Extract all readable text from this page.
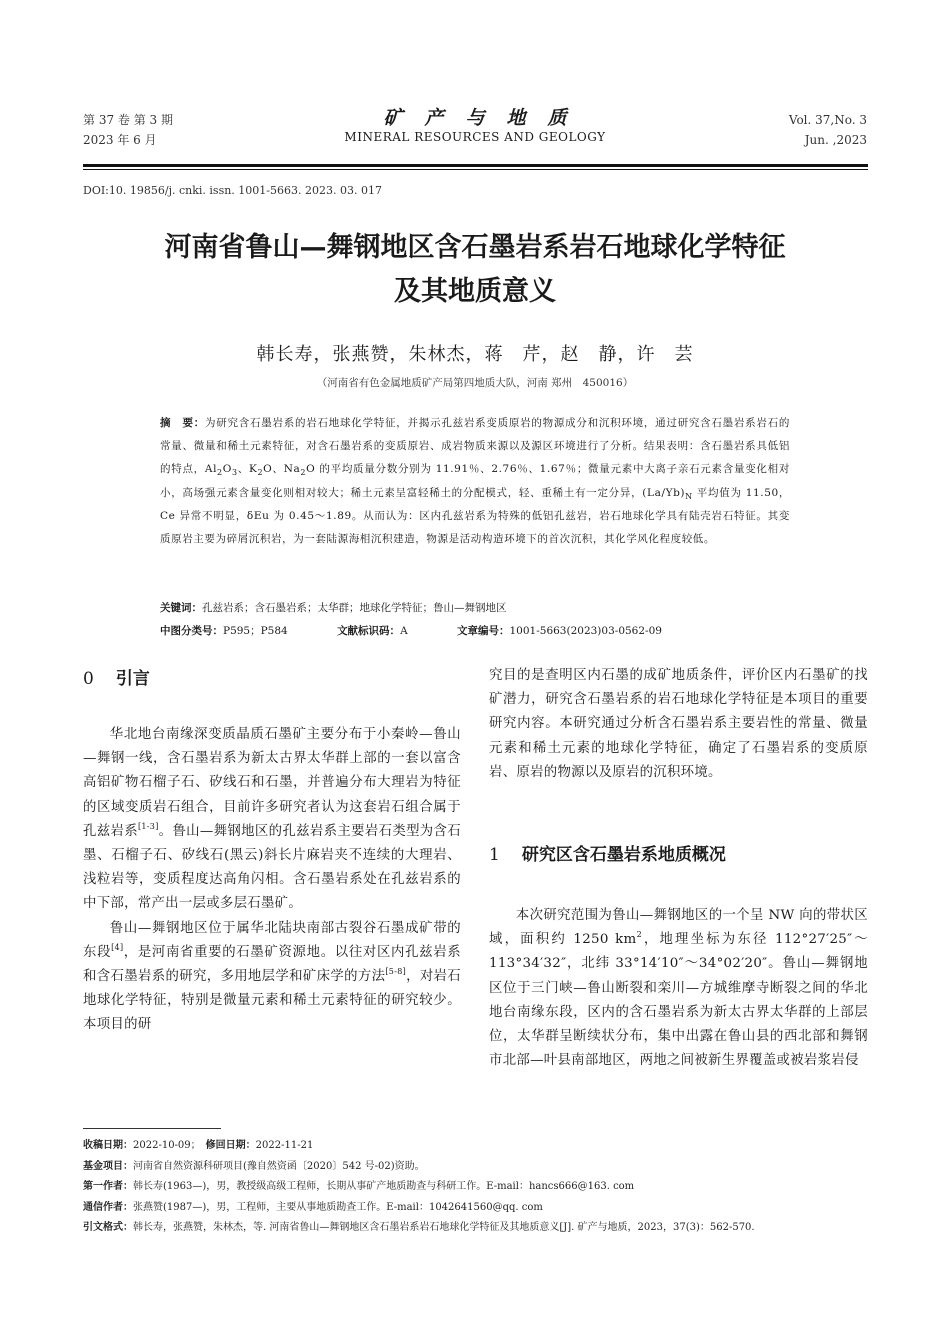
第 37 卷 第 3 期
2023 年 6 月
矿产与地质
MINERAL RESOURCES AND GEOLOGY
Vol. 37,No. 3
Jun. ,2023
DOI:10. 19856/j. cnki. issn. 1001-5663. 2023. 03. 017
河南省鲁山—舞钢地区含石墨岩系岩石地球化学特征
及其地质意义
韩长寿，张燕赞，朱林杰，蒋　芹，赵　静，许　芸
（河南省有色金属地质矿产局第四地质大队，河南 郑州　450016）
摘　要：为研究含石墨岩系的岩石地球化学特征，并揭示孔兹岩系变质原岩的物源成分和沉积环境，通过研究含石墨岩系岩石的常量、微量和稀土元素特征，对含石墨岩系的变质原岩、成岩物质来源以及源区环境进行了分析。结果表明：含石墨岩系具低铝的特点，$Al_2O_3$、$K_2O$、$Na_2O$ 的平均质量分数分别为 11.91％、2.76％、1.67％；微量元素中大离子亲石元素含量变化相对小，高场强元素含量变化则相对较大；稀土元素呈富轻稀土的分配模式，轻、重稀土有一定分异，$(La/Yb)_N$ 平均值为 11.50，Ce 异常不明显，δEu 为 0.45～1.89。从而认为：区内孔兹岩系为特殊的低铝孔兹岩，岩石地球化学具有陆壳岩石特征。其变质原岩主要为碎屑沉积岩，为一套陆源海相沉积建造，物源是活动构造环境下的首次沉积，其化学风化程度较低。
关键词：孔兹岩系；含石墨岩系；太华群；地球化学特征；鲁山—舞钢地区
中图分类号：P595；P584	文献标识码：A	文章编号：1001-5663(2023)03-0562-09
0 引言

华北地台南缘深变质晶质石墨矿主要分布于小秦岭—鲁山—舞钢一线，含石墨岩系为新太古界太华群上部的一套以富含高铝矿物石榴子石、矽线石和石墨，并普遍分布大理岩为特征的区域变质岩石组合，目前许多研究者认为这套岩石组合属于孔兹岩系[1-3]。鲁山—舞钢地区的孔兹岩系主要岩石类型为含石墨、石榴子石、矽线石(黑云)斜长片麻岩夹不连续的大理岩、浅粒岩等，变质程度达高角闪相。含石墨岩系处在孔兹岩系的中下部，常产出一层或多层石墨矿。

鲁山—舞钢地区位于属华北陆块南部古裂谷石墨成矿带的东段[4]，是河南省重要的石墨矿资源地。以往对区内孔兹岩系和含石墨岩系的研究，多用地层学和矿床学的方法[5-8]，对岩石地球化学特征，特别是微量元素和稀土元素特征的研究较少。本项目的研

究目的是查明区内石墨的成矿地质条件，评价区内石墨矿的找矿潜力，研究含石墨岩系的岩石地球化学特征是本项目的重要研究内容。本研究通过分析含石墨岩系主要岩性的常量、微量元素和稀土元素的地球化学特征，确定了石墨岩系的变质原岩、原岩的物源以及原岩的沉积环境。
1 研究区含石墨岩系地质概况

本次研究范围为鲁山—舞钢地区的一个呈 NW 向的带状区域，面积约 1250 $km^2$，地理坐标为东径 112°27′25″～113°34′32″，北纬 33°14′10″～34°02′20″。鲁山—舞钢地区位于三门峡—鲁山断裂和栾川—方城维摩寺断裂之间的华北地台南缘东段，区内的含石墨岩系为新太古界太华群的上部层位，太华群呈断续状分布，集中出露在鲁山县的西北部和舞钢市北部—叶县南部地区，两地之间被新生界覆盖或被岩浆岩侵

收稿日期：2022-10-09；　 修回日期：2022-11-21
基金项目：河南省自然资源科研项目(豫自然资函〔2020〕542 号-02)资助。
第一作者：韩长寿(1963—)，男，教授级高级工程师，长期从事矿产地质勘查与科研工作。E-mail：hancs666@163. com
通信作者：张燕赞(1987—)，男，工程师，主要从事地质勘查工作。E-mail：1042641560@qq. com
引文格式：韩长寿，张燕赞，朱林杰，等. 河南省鲁山—舞钢地区含石墨岩系岩石地球化学特征及其地质意义[J]. 矿产与地质，2023，37(3)：562-570.
